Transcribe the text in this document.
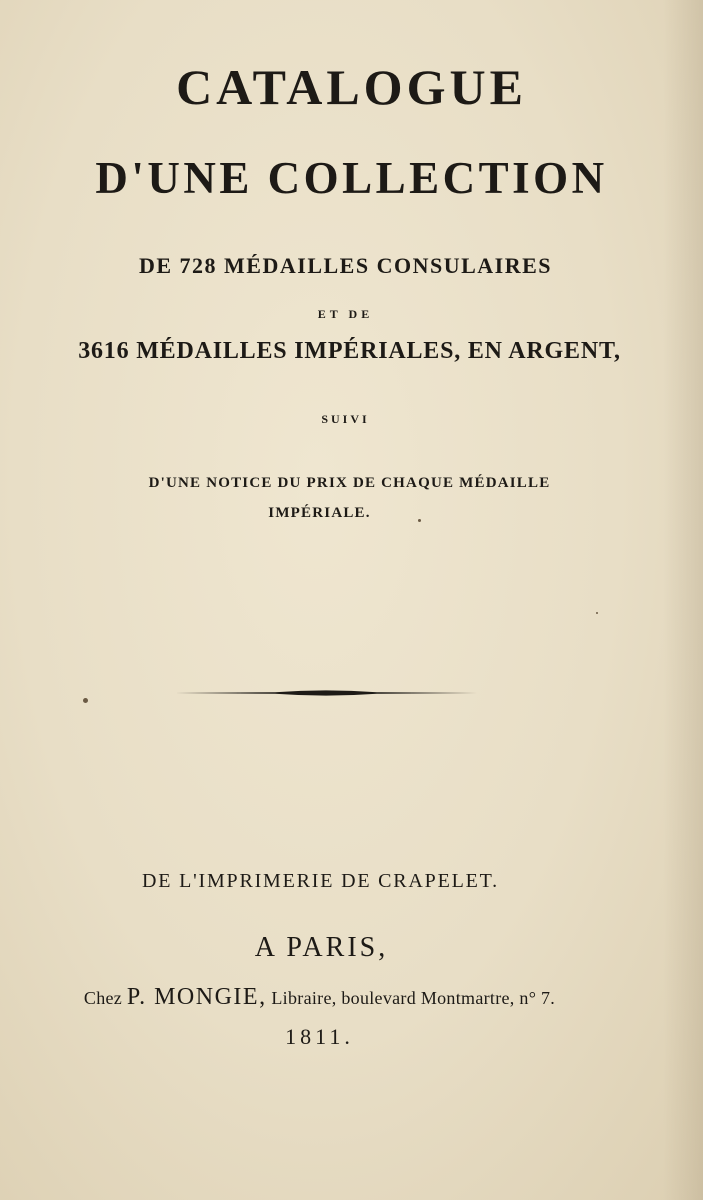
CATALOGUE
D'UNE COLLECTION
DE 728 MÉDAILLES CONSULAIRES
ET DE
3616 MÉDAILLES IMPÉRIALES, EN ARGENT,
SUIVI
D'UNE NOTICE DU PRIX DE CHAQUE MÉDAILLE
IMPÉRIALE.
DE L'IMPRIMERIE DE CRAPELET.
A PARIS,
Chez P. MONGIE, Libraire, boulevard Montmartre, n° 7.
1811.
